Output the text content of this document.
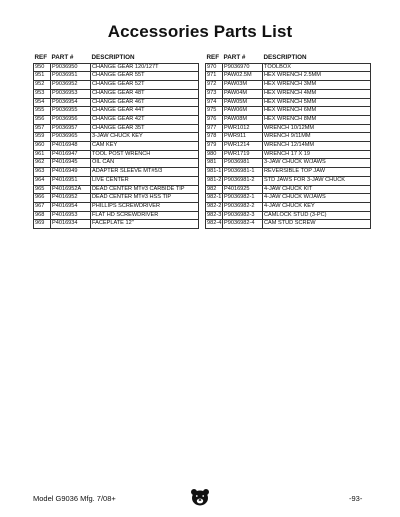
Accessories Parts List
REF	PART #	DESCRIPTION
950	P9036950	CHANGE GEAR 120/127T
951	P9036951	CHANGE GEAR 55T
952	P9036952	CHANGE GEAR 52T
953	P9036953	CHANGE GEAR 48T
954	P9036954	CHANGE GEAR 46T
955	P9036955	CHANGE GEAR 44T
956	P9036956	CHANGE GEAR 42T
957	P9036957	CHANGE GEAR 35T
959	P9036965	3-JAW CHUCK KEY
960	P4016948	CAM KEY
961	P4016947	TOOL POST WRENCH
962	P4016945	OIL CAN
963	P4016949	ADAPTER SLEEVE MT#5/3
964	P4016951	LIVE CENTER
965	P4016952A	DEAD CENTER MT#3 CARBIDE TIP
966	P4016952	DEAD CENTER MT#3 HSS TIP
967	P4016954	PHILLIPS SCREWDRIVER
968	P4016953	FLAT HD SCREWDRIVER
969	P4016934	FACEPLATE 12"
REF	PART #	DESCRIPTION
970	P9036970	TOOLBOX
971	PAW02.5M	HEX WRENCH 2.5MM
972	PAW03M	HEX WRENCH 3MM
973	PAW04M	HEX WRENCH 4MM
974	PAW05M	HEX WRENCH 5MM
975	PAW06M	HEX WRENCH 6MM
976	PAW08M	HEX WRENCH 8MM
977	PWR1012	WRENCH 10/12MM
978	PWR911	WRENCH 9/11MM
979	PWR1214	WRENCH 12/14MM
980	PWR1719	WRENCH 17 X 19
981	P9036981	3-JAW CHUCK W/JAWS
981-1	P9036981-1	REVERSIBLE TOP JAW
981-2	P9036981-2	STD JAWS FOR 3-JAW CHUCK
982	P4016925	4-JAW CHUCK KIT
982-1	P9036982-1	4-JAW CHUCK W/JAWS
982-2	P9036982-2	4-JAW CHUCK KEY
982-3	P9036982-3	CAMLOCK STUD (3-PC)
982-4	P9036982-4	CAM STUD SCREW
Model G9036 Mfg. 7/08+	-93-
